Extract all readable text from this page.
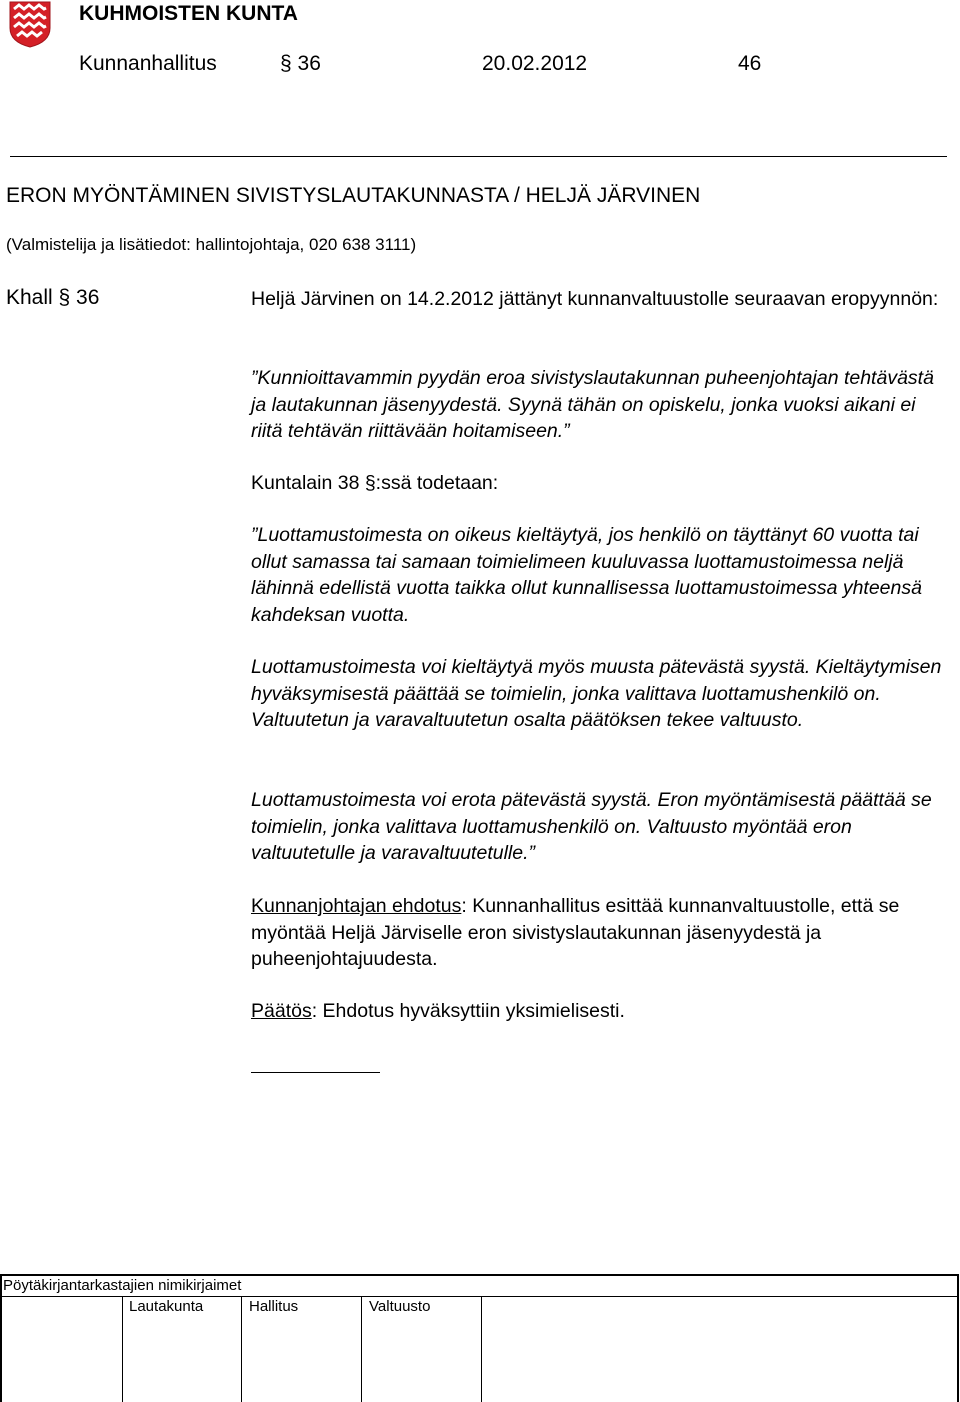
KUHMOISTEN KUNTA
Kunnanhallitus	§ 36	20.02.2012	46
ERON MYÖNTÄMINEN SIVISTYSLAUTAKUNNASTA / HELJÄ JÄRVINEN
(Valmistelija ja lisätiedot: hallintojohtaja, 020 638 3111)
Khall § 36	Heljä Järvinen on 14.2.2012 jättänyt kunnanvaltuustolle seuraavan eropyynnön:

”Kunnioittavammin pyydän eroa sivistyslautakunnan puheenjohtajan tehtävästä ja lautakunnan jäsenyydestä. Syynä tähän on opiskelu, jonka vuoksi aikani ei riitä tehtävän riittävään hoitamiseen.”

Kuntalain 38 §:ssä todetaan:

”Luottamustoimesta on oikeus kieltäytyä, jos henkilö on täyttänyt 60 vuotta tai ollut samassa tai samaan toimielimeen kuuluvassa luottamustoimessa neljä lähinnä edellistä vuotta taikka ollut kunnallisessa luottamustoimessa yhteensä kahdeksan vuotta.

Luottamustoimesta voi kieltäytyä myös muusta pätevästä syystä. Kieltäytymisen hyväksymisestä päättää se toimielin, jonka valittava luottamushenkilö on. Valtuutetun ja varavaltuutetun osalta päätöksen tekee valtuusto.

Luottamustoimesta voi erota pätevästä syystä. Eron myöntämisestä päättää se toimielin, jonka valittava luottamushenkilö on. Valtuusto myöntää eron valtuutetulle ja varavaltuutetulle.”

Kunnanjohtajan ehdotus: Kunnanhallitus esittää kunnanvaltuustolle, että se myöntää Heljä Järviselle eron sivistyslautakunnan jäsenyydestä ja puheenjohtajuudesta.

Päätös: Ehdotus hyväksyttiin yksimielisesti.

Pöytäkirjantarkastajien nimikirjaimet
Lautakunta	Hallitus	Valtuusto
